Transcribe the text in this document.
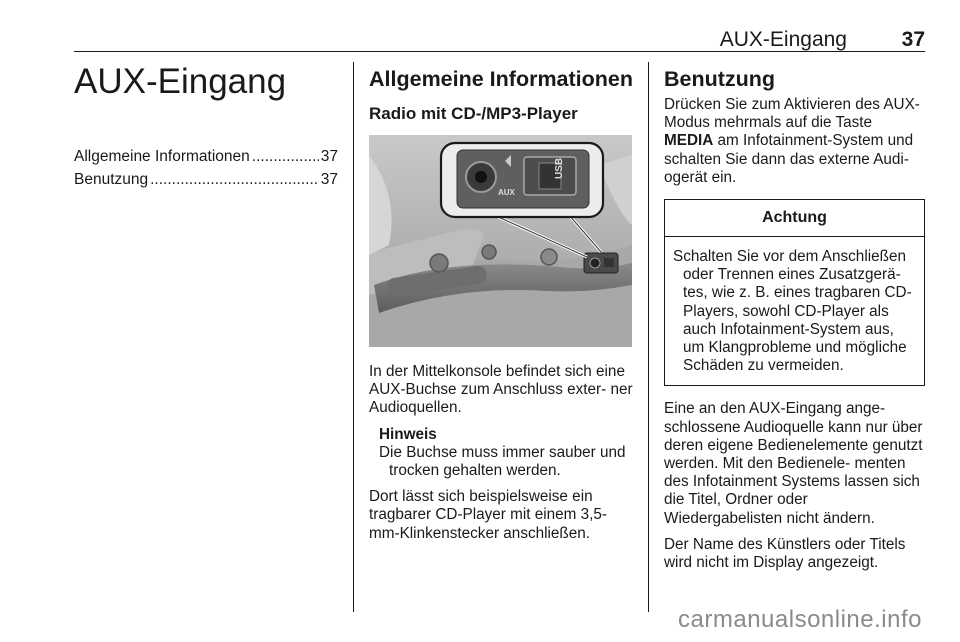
AUX-Eingang	37
AUX-Eingang
Allgemeine Informationen .....	37
Benutzung .....	37
Allgemeine Informationen
Radio mit CD-/MP3-Player
AUX
USB

In der Mittelkonsole befindet sich eine AUX-Buchse zum Anschluss exter- ner Audioquellen.

Hinweis
Die Buchse muss immer sauber und
trocken gehalten werden.

Dort lässt sich beispielsweise ein tragbarer CD-Player mit einem 3,5-mm-Klinkenstecker anschließen.

Benutzung

Drücken Sie zum Aktivieren des AUX- Modus mehrmals auf die Taste
MEDIA am Infotainment-System und schalten Sie dann das externe Audi- ogerät ein.

Achtung
Schalten Sie vor dem Anschließen
oder Trennen eines Zusatzgerä- tes, wie z. B. eines tragbaren CD- Players, sowohl CD-Player als auch Infotainment-System aus, um Klangprobleme und mögliche Schäden zu vermeiden.

Eine an den AUX-Eingang ange- schlossene Audioquelle kann nur über deren eigene Bedienelemente genutzt werden. Mit den Bedienele- menten des Infotainment Systems lassen sich die Titel, Ordner oder Wiedergabelisten nicht ändern.

Der Name des Künstlers oder Titels wird nicht im Display angezeigt.

carmanualsonline.info
